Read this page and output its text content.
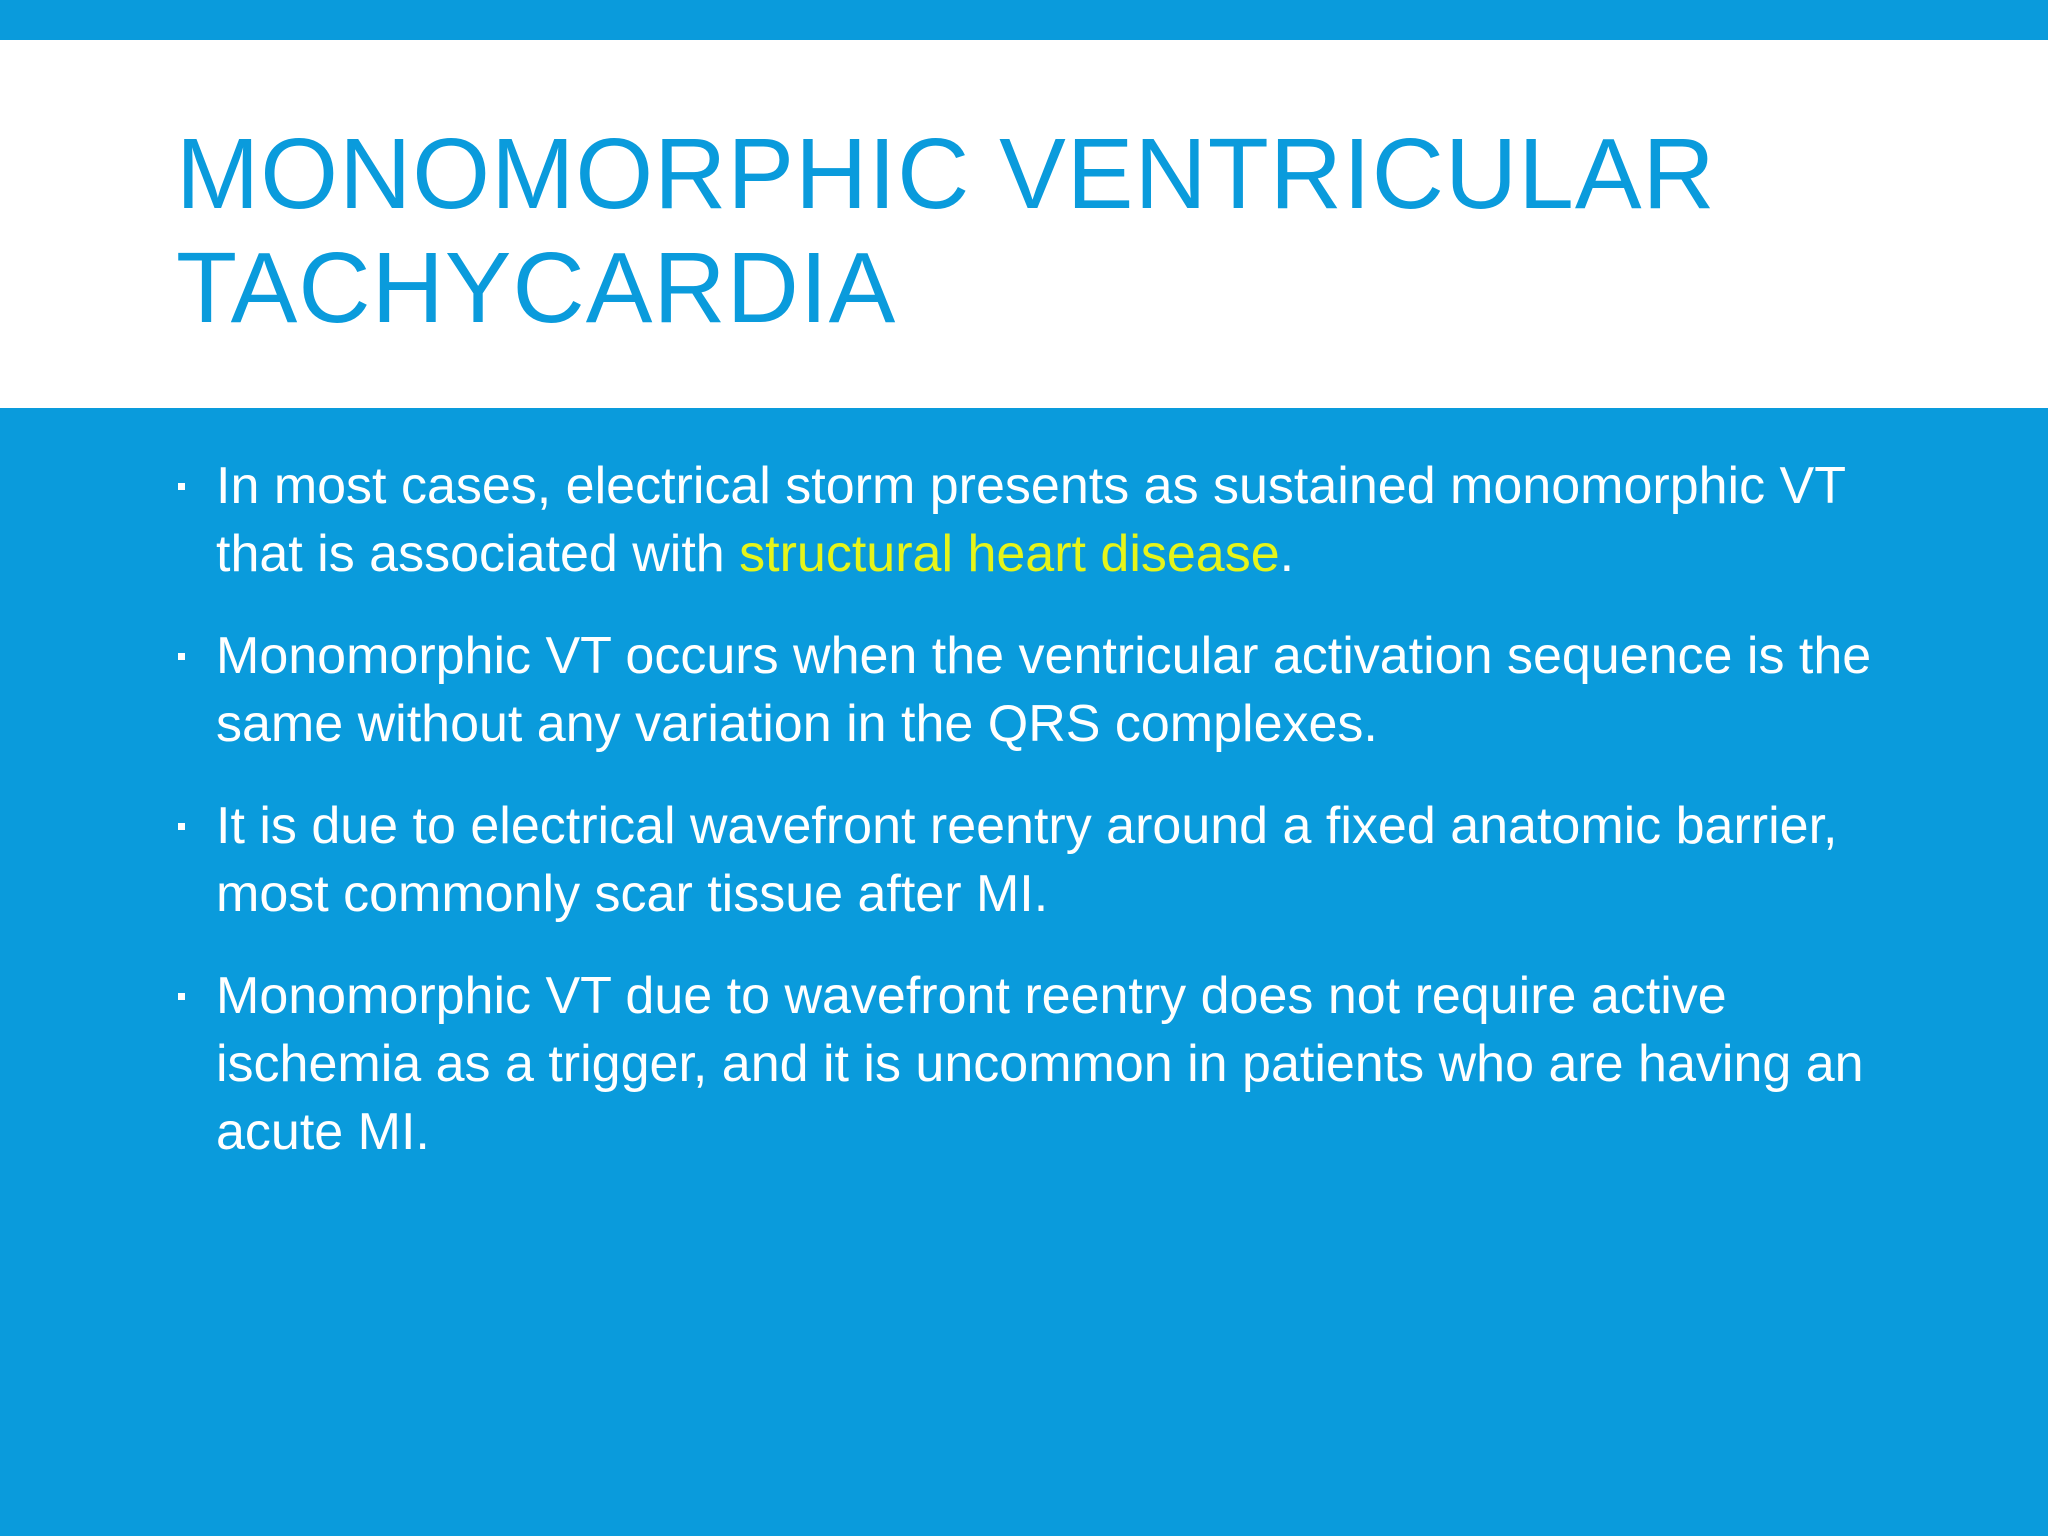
MONOMORPHIC VENTRICULAR TACHYCARDIA
In most cases, electrical storm presents as sustained monomorphic VT that is associated with structural heart disease.
Monomorphic VT occurs when the ventricular activation sequence is the same without any variation in the QRS complexes.
It is due to electrical wavefront reentry around a fixed anatomic barrier, most commonly scar tissue after MI.
Monomorphic VT due to wavefront reentry does not require active ischemia as a trigger, and it is uncommon in patients who are having an acute MI.
